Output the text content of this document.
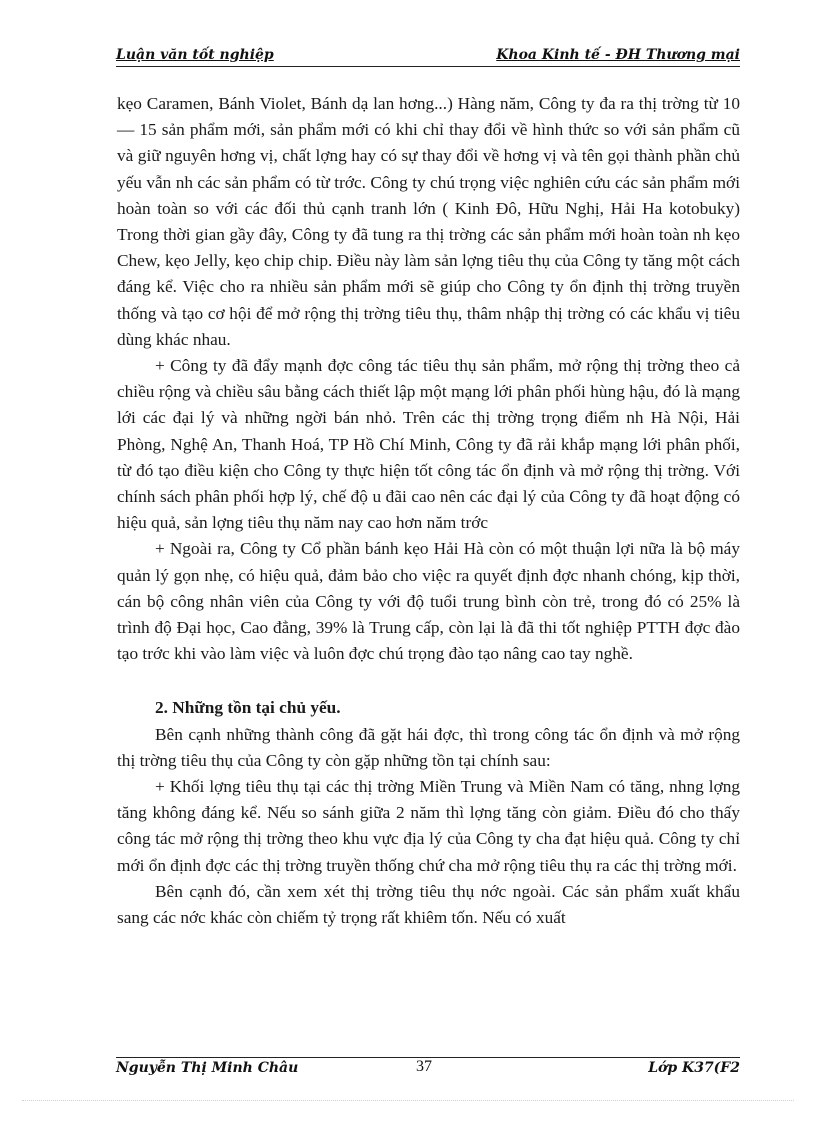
Luận văn tốt nghiệp	Khoa Kinh tế - ĐH Thương mại

kẹo Caramen, Bánh Violet, Bánh dạ lan hơng...) Hàng năm, Công ty đa ra thị trờng từ 10 — 15 sản phẩm mới, sản phẩm mới có khi chỉ thay đổi về hình thức so với sản phẩm cũ và giữ nguyên hơng vị, chất lợng hay có sự thay đổi về hơng vị và tên gọi thành phần chủ yếu vẫn nh các sản phẩm có từ trớc. Công ty chú trọng việc nghiên cứu các sản phẩm mới hoàn toàn so với các đối thủ cạnh tranh lớn ( Kinh Đô, Hữu Nghị, Hải Ha kotobuky) Trong thời gian gầy đây, Công ty đã tung ra thị trờng các sản phẩm mới hoàn toàn nh kẹo Chew, kẹo Jelly, kẹo chip chip. Điều này làm sản lợng tiêu thụ của Công ty tăng một cách đáng kể. Việc cho ra nhiều sản phẩm mới sẽ giúp cho Công ty ổn định thị trờng truyền thống và tạo cơ hội để mở rộng thị trờng tiêu thụ, thâm nhập thị trờng có các khẩu vị tiêu dùng khác nhau.

+ Công ty đã đẩy mạnh đợc công tác tiêu thụ sản phẩm, mở rộng thị trờng theo cả chiều rộng và chiều sâu bằng cách thiết lập một mạng lới phân phối hùng hậu, đó là mạng lới các đại lý và những ngời bán nhỏ. Trên các thị trờng trọng điểm nh Hà Nội, Hải Phòng, Nghệ An, Thanh Hoá, TP Hồ Chí Minh, Công ty đã rải khắp mạng lới phân phối, từ đó tạo điều kiện cho Công ty thực hiện tốt công tác ổn định và mở rộng thị trờng. Với chính sách phân phối hợp lý, chế độ u đãi cao nên các đại lý của Công ty đã hoạt động có hiệu quả, sản lợng tiêu thụ năm nay cao hơn năm trớc

+ Ngoài ra, Công ty Cổ phần bánh kẹo Hải Hà còn có một thuận lợi nữa là bộ máy quản lý gọn nhẹ, có hiệu quả, đảm bảo cho việc ra quyết định đợc nhanh chóng, kịp thời, cán bộ công nhân viên của Công ty với độ tuổi trung bình còn trẻ, trong đó có 25% là trình độ Đại học, Cao đẳng, 39% là Trung cấp, còn lại là đã thi tốt nghiệp PTTH đợc đào tạo trớc khi vào làm việc và luôn đợc chú trọng đào tạo nâng cao tay nghề.

2. Những tồn tại chủ yếu.

Bên cạnh những thành công đã gặt hái đợc, thì trong công tác ổn định và mở rộng thị trờng tiêu thụ của Công ty còn gặp những tồn tại chính sau:

+ Khối lợng tiêu thụ tại các thị trờng Miền Trung và Miền Nam có tăng, nhng lợng tăng không đáng kể. Nếu so sánh giữa 2 năm thì lợng tăng còn giảm. Điều đó cho thấy công tác mở rộng thị trờng theo khu vực địa lý của Công ty cha đạt hiệu quả. Công ty chỉ mới ổn định đợc các thị trờng truyền thống chứ cha mở rộng tiêu thụ ra các thị trờng mới.

Bên cạnh đó, cần xem xét thị trờng tiêu thụ nớc ngoài. Các sản phẩm xuất khẩu sang các nớc khác còn chiếm tỷ trọng rất khiêm tốn. Nếu có xuất

Nguyễn Thị Minh Châu	37	Lớp K37(F2
